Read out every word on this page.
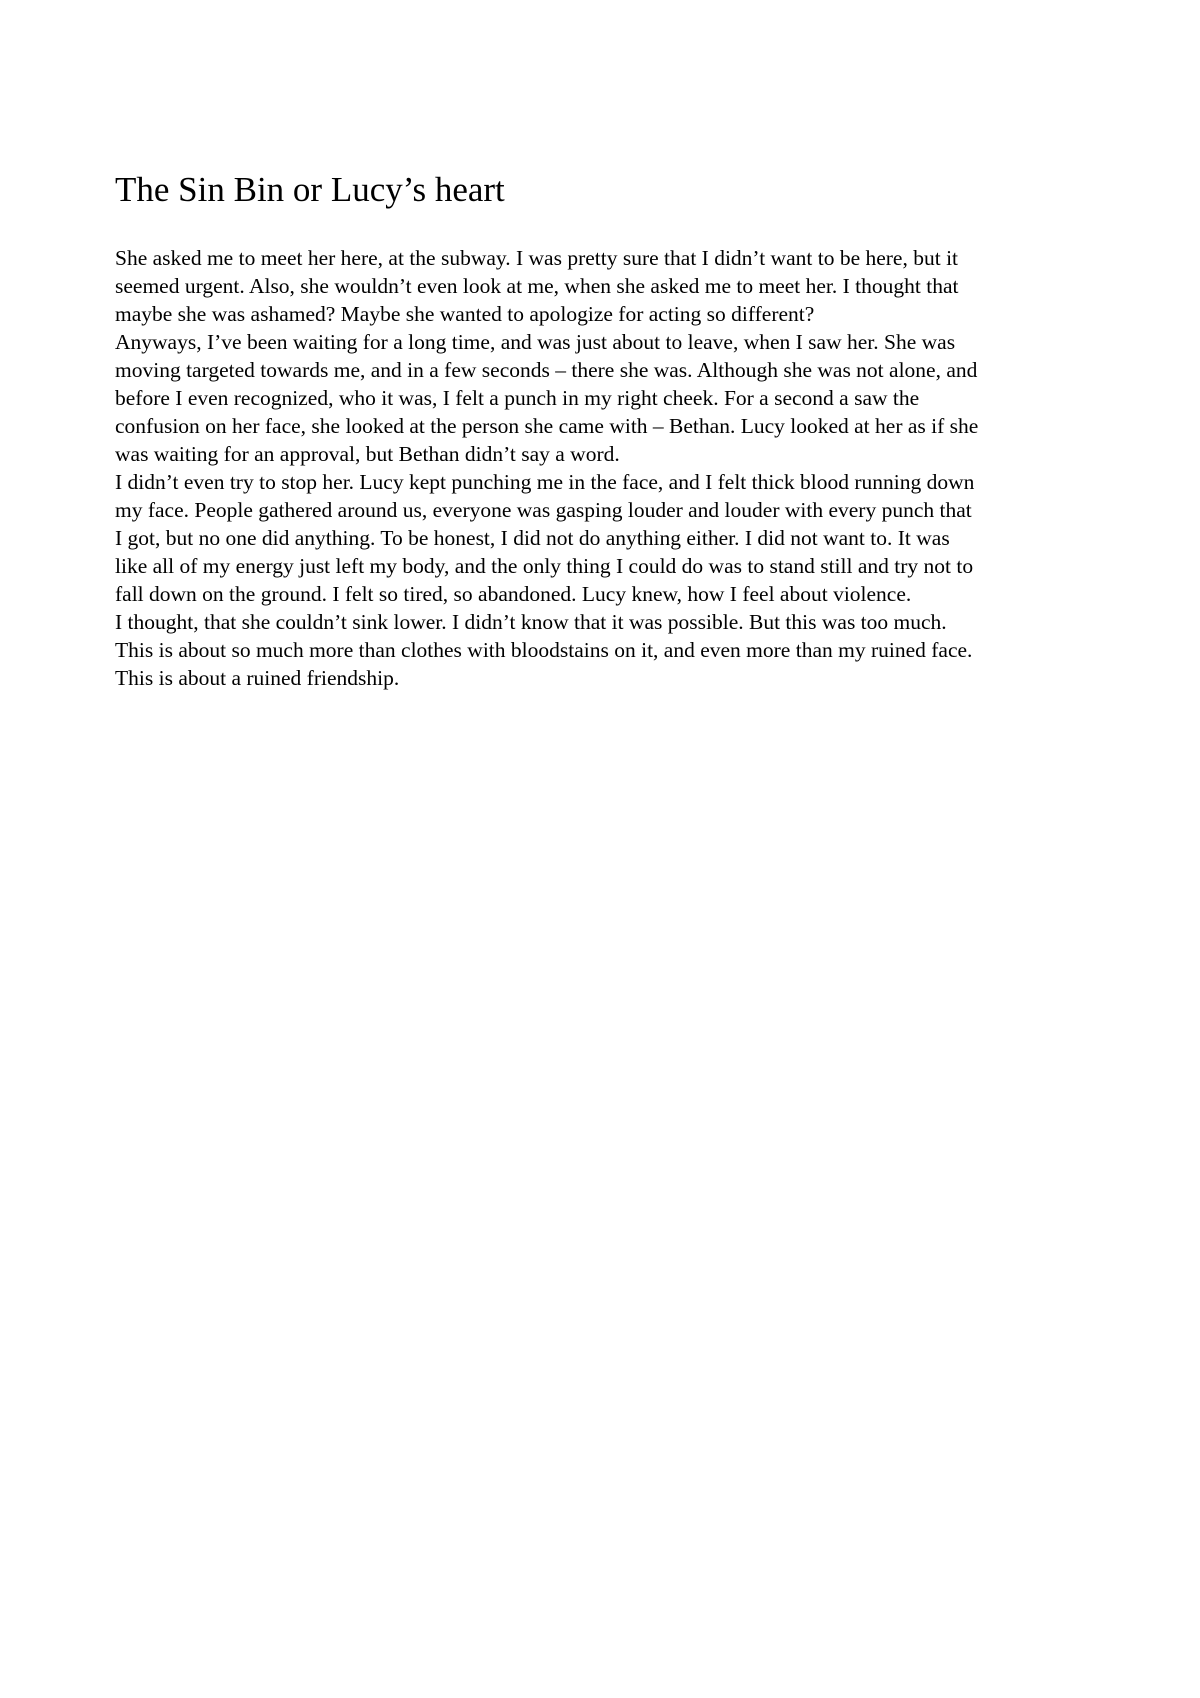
The Sin Bin or Lucy’s heart
She asked me to meet her here, at the subway. I was pretty sure that I didn’t want to be here, but it
seemed urgent. Also, she wouldn’t even look at me, when she asked me to meet her. I thought that
maybe she was ashamed? Maybe she wanted to apologize for acting so different?
Anyways, I’ve been waiting for a long time, and was just about to leave, when I saw her. She was
moving targeted towards me, and in a few seconds – there she was. Although she was not alone, and
before I even recognized, who it was, I felt a punch in my right cheek. For a second a saw the
confusion on her face, she looked at the person she came with – Bethan. Lucy looked at her as if she
was waiting for an approval, but Bethan didn’t say a word.
I didn’t even try to stop her. Lucy kept punching me in the face, and I felt thick blood running down
my face. People gathered around us, everyone was gasping louder and louder with every punch that
I got, but no one did anything. To be honest, I did not do anything either. I did not want to. It was
like all of my energy just left my body, and the only thing I could do was to stand still and try not to
fall down on the ground. I felt so tired, so abandoned. Lucy knew, how I feel about violence.
I thought, that she couldn’t sink lower. I didn’t know that it was possible. But this was too much.
This is about so much more than clothes with bloodstains on it, and even more than my ruined face.
This is about a ruined friendship.
